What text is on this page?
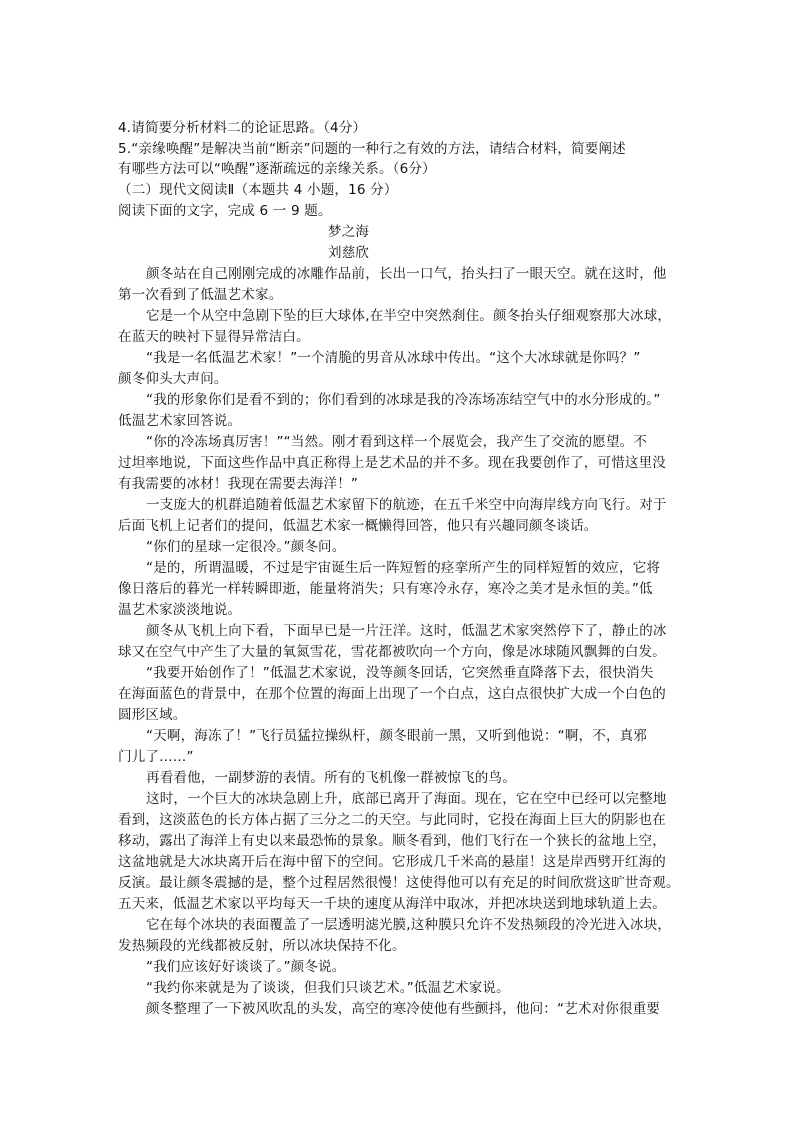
4.请简要分析材料二的论证思路。（4分）
5.“亲缘唤醒”是解决当前“断亲”问题的一种行之有效的方法，请结合材料，简要阐述
有哪些方法可以“唤醒”逐渐疏远的亲缘关系。（6分）
（二）现代文阅读Ⅱ（本题共 4 小题，16 分）
阅读下面的文字，完成 6 一 9 题。
梦之海
刘慈欣
颜冬站在自己刚刚完成的冰雕作品前，长出一口气，抬头扫了一眼天空。就在这时，他
第一次看到了低温艺术家。
它是一个从空中急剧下坠的巨大球体,在半空中突然刹住。颜冬抬头仔细观察那大冰球，
在蓝天的映衬下显得异常洁白。
“我是一名低温艺术家！”一个清脆的男音从冰球中传出。“这个大冰球就是你吗？”
颜冬仰头大声问。
“我的形象你们是看不到的；你们看到的冰球是我的冷冻场冻结空气中的水分形成的。”
低温艺术家回答说。
“你的冷冻场真厉害！”“当然。刚才看到这样一个展览会，我产生了交流的愿望。不
过坦率地说，下面这些作品中真正称得上是艺术品的并不多。现在我要创作了，可惜这里没
有我需要的冰材！我现在需要去海洋！”
一支庞大的机群追随着低温艺术家留下的航迹，在五千米空中向海岸线方向飞行。对于
后面飞机上记者们的提问，低温艺术家一概懒得回答，他只有兴趣同颜冬谈话。
“你们的星球一定很冷。”颜冬问。
“是的，所谓温暖，不过是宇宙诞生后一阵短暂的痉挛所产生的同样短暂的效应，它将
像日落后的暮光一样转瞬即逝，能量将消失；只有寒冷永存，寒冷之美才是永恒的美。”低
温艺术家淡淡地说。
颜冬从飞机上向下看，下面早已是一片汪洋。这时，低温艺术家突然停下了，静止的冰
球又在空气中产生了大量的氧氮雪花，雪花都被吹向一个方向，像是冰球随风飘舞的白发。
“我要开始创作了！”低温艺术家说，没等颜冬回话，它突然垂直降落下去，很快消失
在海面蓝色的背景中，在那个位置的海面上出现了一个白点，这白点很快扩大成一个白色的
圆形区域。
“天啊，海冻了！”飞行员猛拉操纵杆，颜冬眼前一黑，又听到他说：“啊，不，真邪
门儿了……”
再看看他，一副梦游的表情。所有的飞机像一群被惊飞的鸟。
这时，一个巨大的冰块急剧上升，底部已离开了海面。现在，它在空中已经可以完整地
看到，这淡蓝色的长方体占据了三分之二的天空。与此同时，它投在海面上巨大的阴影也在
移动，露出了海洋上有史以来最恐怖的景象。顺冬看到，他们飞行在一个狭长的盆地上空，
这盆地就是大冰块离开后在海中留下的空间。它形成几千米高的悬崖！这是岸西劈开红海的
反演。最让颜冬震撼的是，整个过程居然很慢！这使得他可以有充足的时间欣赏这旷世奇观。
五天来，低温艺术家以平均每天一千块的速度从海洋中取冰，并把冰块送到地球轨道上去。
它在每个冰块的表面覆盖了一层透明滤光膜,这种膜只允许不发热频段的冷光进入冰块，
发热频段的光线都被反射，所以冰块保持不化。
“我们应该好好谈谈了。”颜冬说。
“我约你来就是为了谈谈，但我们只谈艺术。”低温艺术家说。
颜冬整理了一下被风吹乱的头发，高空的寒冷使他有些颤抖，他问：“艺术对你很重要
